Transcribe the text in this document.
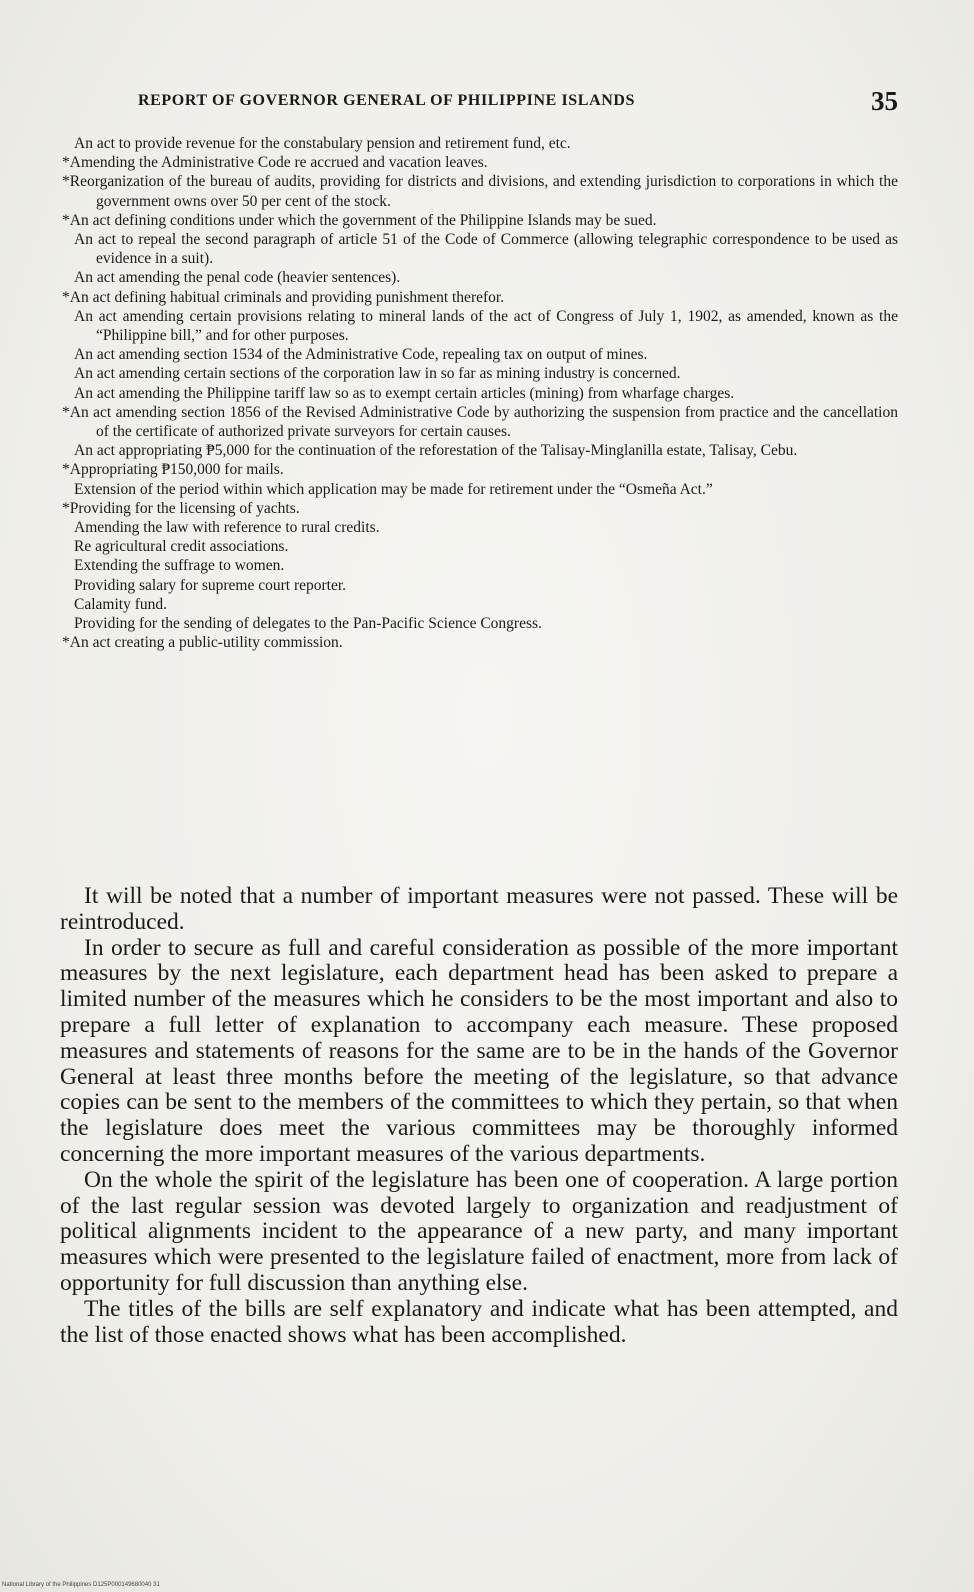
REPORT OF GOVERNOR GENERAL OF PHILIPPINE ISLANDS	35
An act to provide revenue for the constabulary pension and retirement fund, etc.
*Amending the Administrative Code re accrued and vacation leaves.
*Reorganization of the bureau of audits, providing for districts and divisions, and extending jurisdiction to corporations in which the government owns over 50 per cent of the stock.
*An act defining conditions under which the government of the Philippine Islands may be sued.
An act to repeal the second paragraph of article 51 of the Code of Commerce (allowing telegraphic correspondence to be used as evidence in a suit).
An act amending the penal code (heavier sentences).
*An act defining habitual criminals and providing punishment therefor.
An act amending certain provisions relating to mineral lands of the act of Congress of July 1, 1902, as amended, known as the “Philippine bill,” and for other purposes.
An act amending section 1534 of the Administrative Code, repealing tax on output of mines.
An act amending certain sections of the corporation law in so far as mining industry is concerned.
An act amending the Philippine tariff law so as to exempt certain articles (mining) from wharfage charges.
*An act amending section 1856 of the Revised Administrative Code by authorizing the suspension from practice and the cancellation of the certificate of authorized private surveyors for certain causes.
An act appropriating ₱5,000 for the continuation of the reforestation of the Talisay-Minglanilla estate, Talisay, Cebu.
*Appropriating ₱150,000 for mails.
Extension of the period within which application may be made for retirement under the “Osmeña Act.”
*Providing for the licensing of yachts.
Amending the law with reference to rural credits.
Re agricultural credit associations.
Extending the suffrage to women.
Providing salary for supreme court reporter.
Calamity fund.
Providing for the sending of delegates to the Pan-Pacific Science Congress.
*An act creating a public-utility commission.

It will be noted that a number of important measures were not passed. These will be reintroduced.

In order to secure as full and careful consideration as possible of the more important measures by the next legislature, each department head has been asked to prepare a limited number of the measures which he considers to be the most important and also to prepare a full letter of explanation to accompany each measure. These proposed measures and statements of reasons for the same are to be in the hands of the Governor General at least three months before the meeting of the legislature, so that advance copies can be sent to the members of the committees to which they pertain, so that when the legislature does meet the various committees may be thoroughly informed concerning the more important measures of the various departments.

On the whole the spirit of the legislature has been one of cooperation. A large portion of the last regular session was devoted largely to organization and readjustment of political alignments incident to the appearance of a new party, and many important measures which were presented to the legislature failed of enactment, more from lack of opportunity for full discussion than anything else.

The titles of the bills are self explanatory and indicate what has been attempted, and the list of those enacted shows what has been accomplished.

National Library of the Philippines D125P000149680040 31
